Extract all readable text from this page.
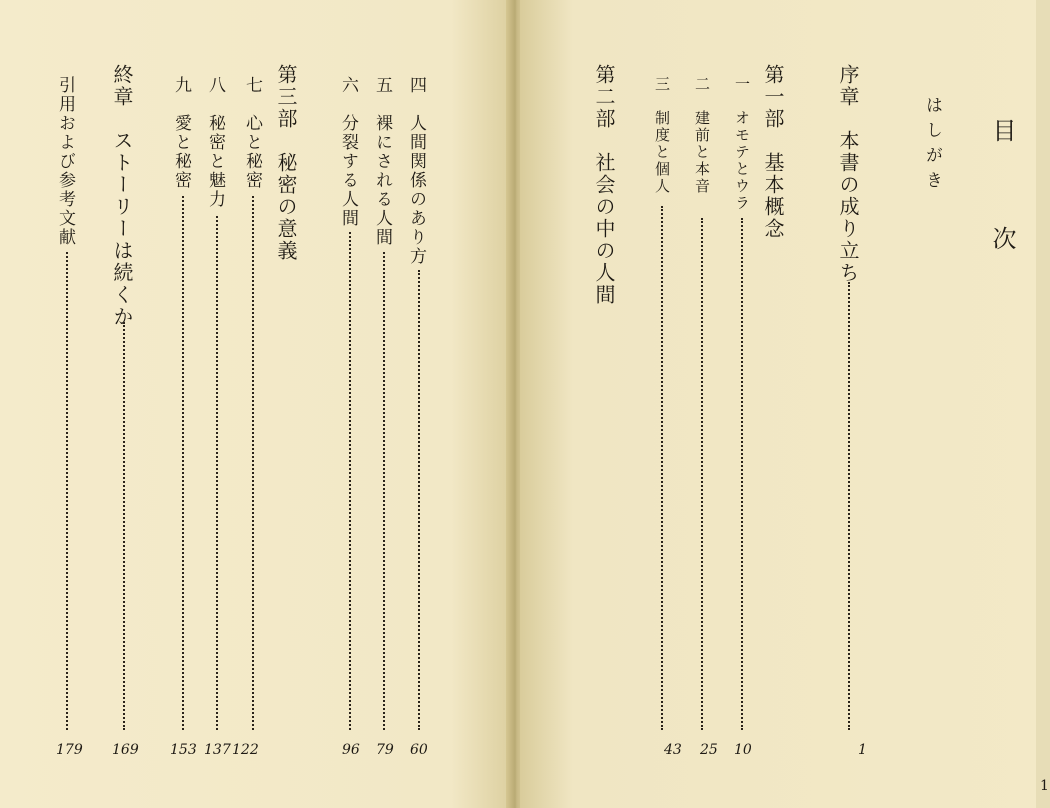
1
目　次
はしがき
序章　本書の成り立ち
1
第一部　基本概念
一　オモテとウラ
10
二　建前と本音
25
三　制度と個人
43
第二部　社会の中の人間
四　人間関係のあり方
60
五　裸にされる人間
79
六　分裂する人間
96
第三部　秘密の意義
七　心と秘密
122
八　秘密と魅力
137
九　愛と秘密
153
終章　ストーリーは続くか
169
引用および参考文献
179
